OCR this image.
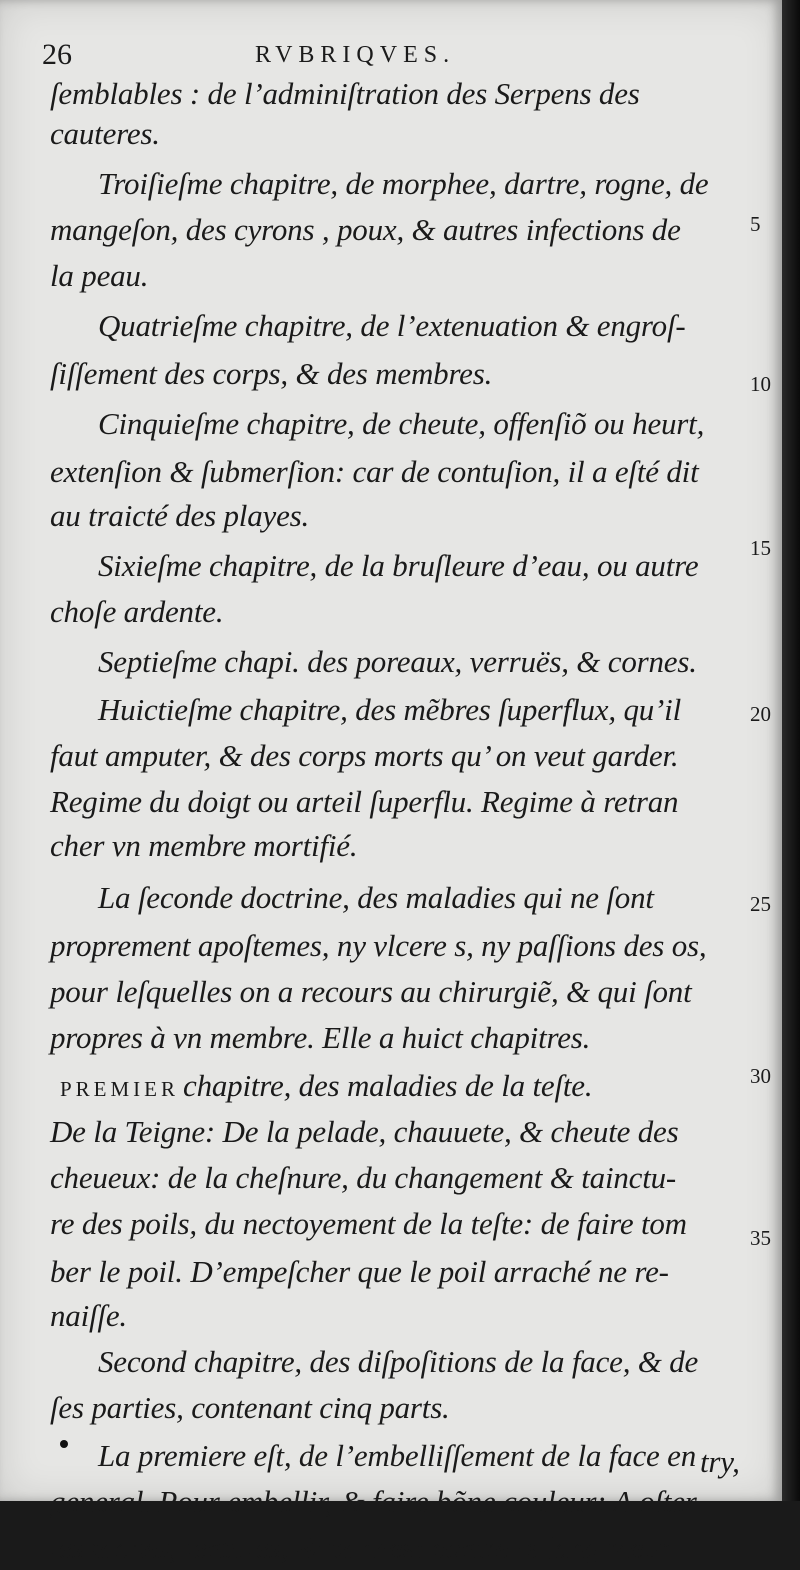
26	RVBRIQVES.
ſemblables : de l’adminiſtration des Serpens des
cauteres.
Troiſieſme chapitre, de morphee, dartre, rogne, de
mangeſon, des cyrons , poux, & autres infections de
la peau.
Quatrieſme chapitre, de l’extenuation & engroſ-
ſiſſement des corps, & des membres.
Cinquieſme chapitre, de cheute, offenſiõ ou heurt,
extenſion & ſubmerſion: car de contuſion, il a eſté dit
au traicté des playes.
Sixieſme chapitre, de la bruſleure d’eau, ou autre
choſe ardente.
Septieſme chapi. des poreaux, verruës, & cornes.
Huictieſme chapitre, des mẽbres ſuperflux, qu’il
faut amputer, & des corps morts qu’ on veut garder.
Regime du doigt ou arteil ſuperflu. Regime à retran
cher vn membre mortifié.
La ſeconde doctrine, des maladies qui ne ſont
proprement apoſtemes, ny vlcere s, ny paſſions des os,
pour leſquelles on a recours au chirurgiẽ, & qui ſont
propres à vn membre. Elle a huict chapitres.
PREMIER chapitre, des maladies de la teſte.
De la Teigne: De la pelade, chauuete, & cheute des
cheueux: de la cheſnure, du changement & tainctu-
re des poils, du nectoyement de la teſte: de faire tom
ber le poil. D’empeſcher que le poil arraché ne re-
naiſſe.
Second chapitre, des diſpoſitions de la face, & de
ſes parties, contenant cinq parts.
La premiere eſt, de l’embelliſſement de la face en
general. Pour embellir, & faire bõne couleur: A oſter
les taches, lentilles, & pannes: contre le ſang meur-
try,
5
10
15
20
25
30
35
